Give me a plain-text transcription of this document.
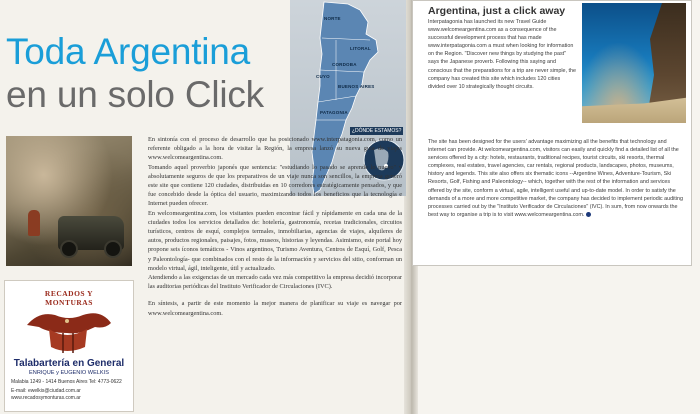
Toda Argentina
en un solo Click
NORTE
LITORAL
CUYO
BUENOS AIRES
PATAGONIA
CORDOBA
¿DÓNDE ESTAMOS?
RECADOS Y MONTURAS
Talabartería en General
ENRIQUE y EUGENIO WELKIS
Malabia 1249 - 1414 Buenos Aires Tel: 4773-0622
E-mail: ewelkis@ciudad.com.ar
www.recadosymonturas.com.ar

En sintonía con el proceso de desarrollo que ha posicionado www.interpatagonia.com, como un referente obligado a la hora de visitar la Región, la empresa lanzó su nueva guía de viajes www.welcomeargentina.com.

Tomando aquel proverbio japonés que sentencia: "estudiando lo pasado se aprende lo nuevo" y absolutamente seguros de que los preparativos de un viaje nunca son sencillos, la empresa generó este site que contiene 120 ciudades, distribuidas en 10 corredores estratégicamente pensados, y que fue concebido desde la óptica del usuario, maximizando todos los beneficios que la tecnología e Internet pueden ofrecer.

En welcomeargentina.com, los visitantes pueden encontrar fácil y rápidamente en cada una de la ciudades todos los servicios detallados de: hotelería, gastronomía, recetas tradicionales, circuitos turísticos, centros de esquí, complejos termales, inmobiliarias, agencias de viajes, alquileres de autos, productos regionales, paisajes, fotos, museos, historias y leyendas. Asimismo, este portal hoy propone seis íconos temáticos - Vinos argentinos, Turismo Aventura, Centros de Esquí, Golf, Pesca y Paleontología- que combinados con el resto de la información y servicios del sitio, conforman un modelo virtual, ágil, inteligente, útil y actualizado.

Atendiendo a las exigencias de un mercado cada vez más competitivo la empresa decidió incorporar las auditorias periódicas del Instituto Verificador de Circulaciones (IVC).

En síntesis, a partir de este momento la mejor manera de planificar su viaje es navegar por www.welcomeargentina.com.

Argentina, just a click away

Interpatagonia has launched its new Travel Guide www.welcomeargentina.com as a consequence of the successful development process that has made www.interpatagonia.com a must when looking for information on the Region. "Discover new things by studying the past" says the Japanese proverb. Following this saying and conscious that the preparations for a trip are never simple, the company has created this site which includes 120 cities divided over 10 strategically thought circuits.

The site has been designed for the users' advantage maximizing all the benefits that technology and internet can provide. At welcomeargentina.com, visitors can easily and quickly find a detailed list of all the services offered by a city: hotels, restaurants, traditional recipes, tourist circuits, ski resorts, thermal complexes, real estates, travel agencies, car rentals, regional products, landscapes, photos, museums, history and legends. This site also offers six thematic icons --Argentine Wines, Adventure-Tourism, Ski Resorts, Golf, Fishing and Paleontology-- which, together with the rest of the information and services offered by the site, conform a virtual, agile, intelligent useful and up-to-date model. In order to satisfy the demands of a more and more competitive market, the company has decided to implement periodic auditing processes carried out by the "Instituto Verificador de Circulaciones" (IVC). In sum, from now onwards the best way to organise a trip is to visit www.welcomeargentina.com.
